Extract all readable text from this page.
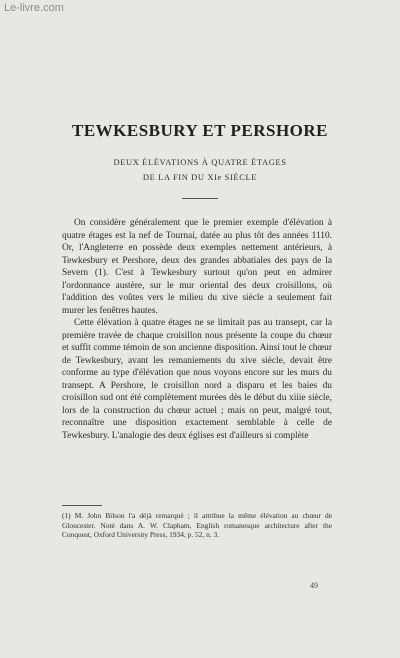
Le-livre.com
TEWKESBURY ET PERSHORE
DEUX ÉLÉVATIONS À QUATRE ÉTAGES
DE LA FIN DU XIe SIÈCLE

On considère généralement que le premier exemple d'élévation à quatre étages est la nef de Tournai, datée au plus tôt des années 1110. Or, l'Angleterre en possède deux exemples nettement antérieurs, à Tewkesbury et Pershore, deux des grandes abbatiales des pays de la Severn (1). C'est à Tewkesbury surtout qu'on peut en admirer l'ordonnance austère, sur le mur oriental des deux croisillons, où l'addition des voûtes vers le milieu du xive siècle a seulement fait murer les fenêtres hautes.

Cette élévation à quatre étages ne se limitait pas au transept, car la première travée de chaque croisillon nous présente la coupe du chœur et suffit comme témoin de son ancienne disposition. Ainsi tout le chœur de Tewkesbury, avant les remaniements du xive siècle, devait être conforme au type d'élévation que nous voyons encore sur les murs du transept. A Pershore, le croisillon nord a disparu et les baies du croisillon sud ont été complètement murées dès le début du xiiie siècle, lors de la construction du chœur actuel ; mais on peut, malgré tout, reconnaître une disposition exactement semblable à celle de Tewkesbury. L'analogie des deux églises est d'ailleurs si complète

(1) M. John Bilson l'a déjà remarqué ; il attribue la même élévation au chœur de Gloucester. Noté dans A. W. Clapham, English romanesque architecture after the Conquest, Oxford University Press, 1934, p. 52, n. 3.
49
